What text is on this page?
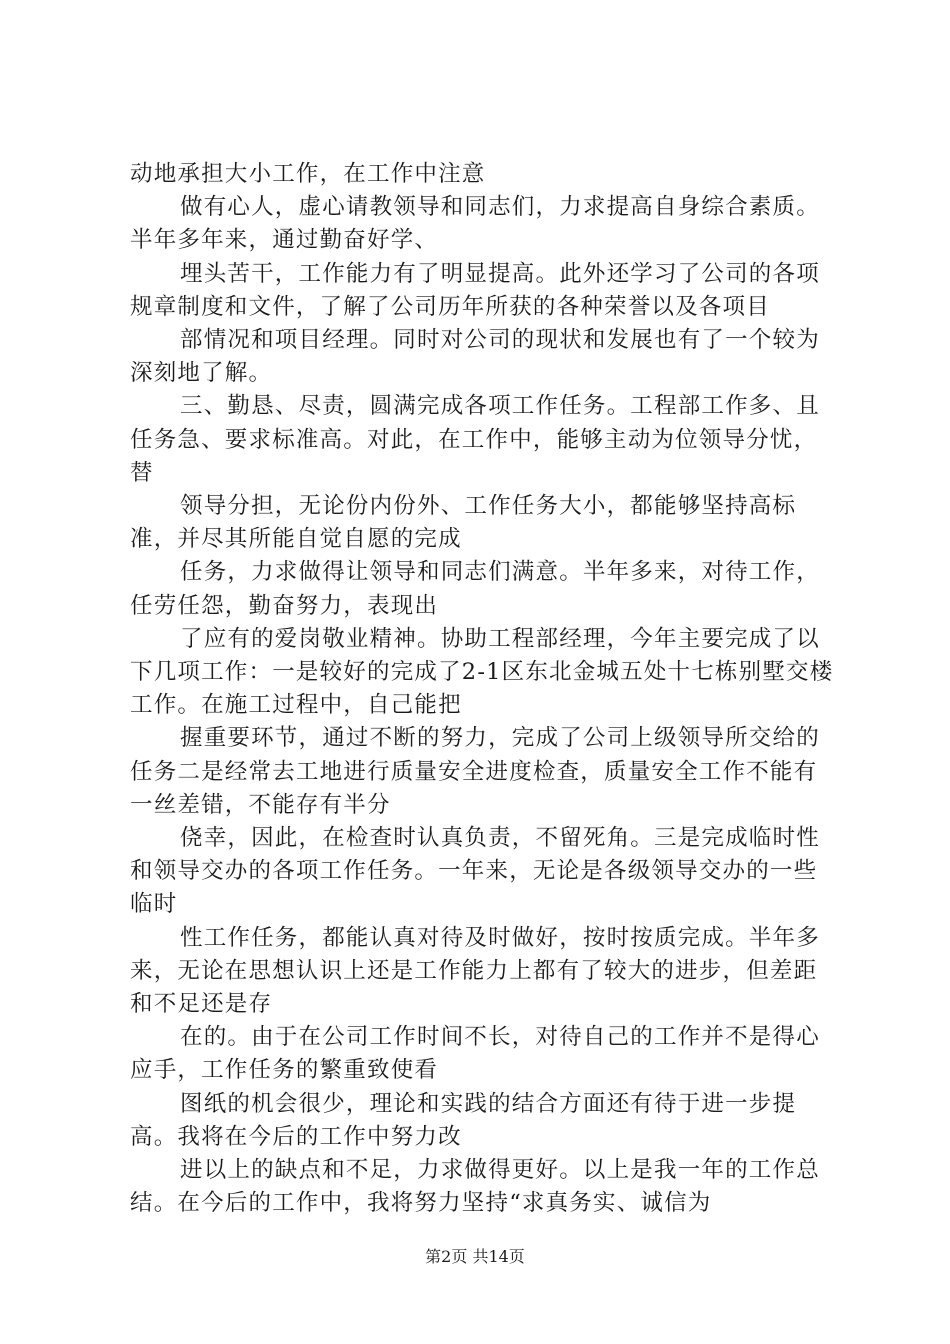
动地承担大小工作，在工作中注意

做有心人，虚心请教领导和同志们，力求提高自身综合素质。半年多年来，通过勤奋好学、

埋头苦干，工作能力有了明显提高。此外还学习了公司的各项规章制度和文件，了解了公司历年所获的各种荣誉以及各项目

部情况和项目经理。同时对公司的现状和发展也有了一个较为深刻地了解。

三、勤恳、尽责，圆满完成各项工作任务。工程部工作多、且任务急、要求标准高。对此，在工作中，能够主动为位领导分忧，替

领导分担，无论份内份外、工作任务大小，都能够坚持高标准，并尽其所能自觉自愿的完成

任务，力求做得让领导和同志们满意。半年多来，对待工作，任劳任怨，勤奋努力，表现出

了应有的爱岗敬业精神。协助工程部经理，今年主要完成了以下几项工作：一是较好的完成了2-1区东北金城五处十七栋别墅交楼工作。在施工过程中，自己能把

握重要环节，通过不断的努力，完成了公司上级领导所交给的任务二是经常去工地进行质量安全进度检查，质量安全工作不能有一丝差错，不能存有半分

侥幸，因此，在检查时认真负责，不留死角。三是完成临时性和领导交办的各项工作任务。一年来，无论是各级领导交办的一些临时

性工作任务，都能认真对待及时做好，按时按质完成。半年多来，无论在思想认识上还是工作能力上都有了较大的进步，但差距和不足还是存

在的。由于在公司工作时间不长，对待自己的工作并不是得心应手，工作任务的繁重致使看

图纸的机会很少，理论和实践的结合方面还有待于进一步提高。我将在今后的工作中努力改

进以上的缺点和不足，力求做得更好。以上是我一年的工作总结。在今后的工作中，我将努力坚持“求真务实、诚信为

第2页 共14页
